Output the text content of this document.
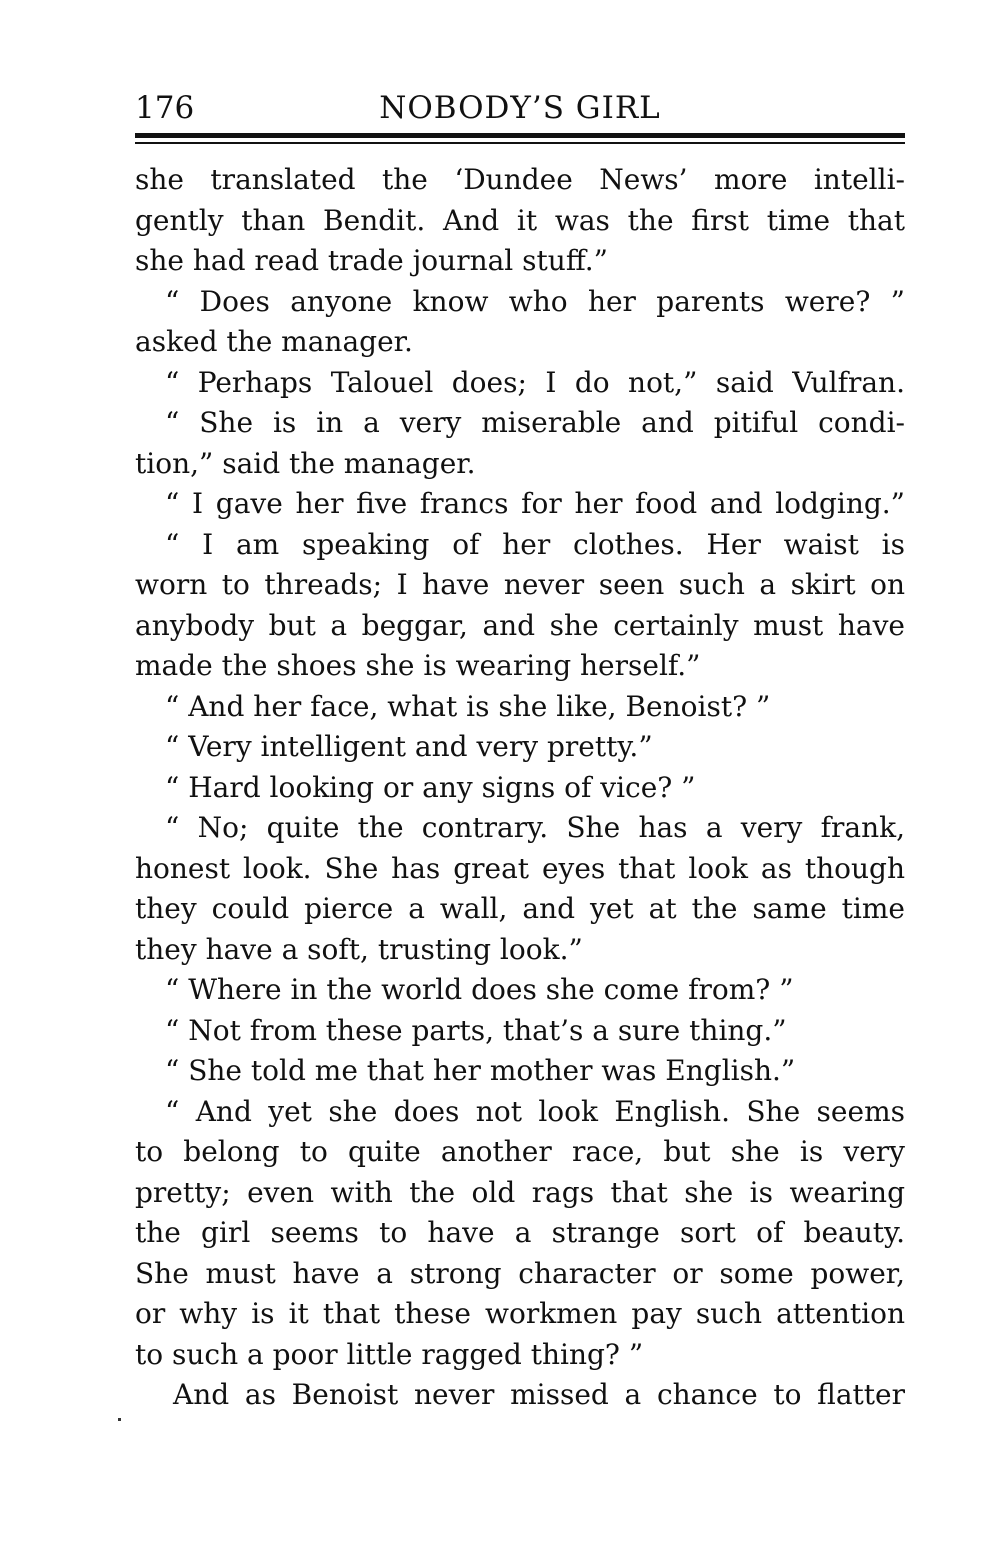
NOBODY’S GIRL
176
she translated the ‘Dundee News’ more intelli-
gently than Bendit. And it was the first time that
she had read trade journal stuff.”
“ Does anyone know who her parents were? ”
asked the manager.
“ Perhaps Talouel does; I do not,” said Vulfran.
“ She is in a very miserable and pitiful condi-
tion,” said the manager.
“ I gave her five francs for her food and lodging.”
“ I am speaking of her clothes. Her waist is
worn to threads; I have never seen such a skirt on
anybody but a beggar, and she certainly must have
made the shoes she is wearing herself.”
“ And her face, what is she like, Benoist? ”
“ Very intelligent and very pretty.”
“ Hard looking or any signs of vice? ”
“ No; quite the contrary. She has a very frank,
honest look. She has great eyes that look as though
they could pierce a wall, and yet at the same time
they have a soft, trusting look.”
“ Where in the world does she come from? ”
“ Not from these parts, that’s a sure thing.”
“ She told me that her mother was English.”
“ And yet she does not look English. She seems
to belong to quite another race, but she is very
pretty; even with the old rags that she is wearing
the girl seems to have a strange sort of beauty.
She must have a strong character or some power,
or why is it that these workmen pay such attention
to such a poor little ragged thing? ”
And as Benoist never missed a chance to flatter
